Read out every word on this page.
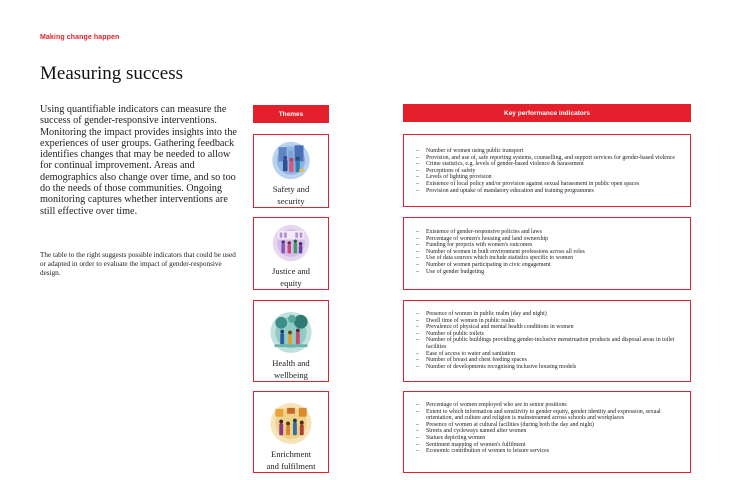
Making change happen
Measuring success

Using quantifiable indicators can measure the success of gender-responsive interventions. Monitoring the impact provides insights into the experiences of user groups. Gathering feedback identifies changes that may be needed to allow for continual improvement. Areas and demographics also change over time, and so too do the needs of those communities. Ongoing monitoring captures whether interventions are still effective over time.

The table to the right suggests possible indicators that could be used or adapted in order to evaluate the impact of gender-responsive design.

Themes	Key performance indicators
Safety and
security
– Number of women using public transport
– Provision, and use of, safe reporting systems, counselling, and support services for gender-based violence
– Crime statistics, e.g. levels of gender-based violence & harassment
– Perceptions of safety
– Levels of lighting provision
– Existence of local policy and/or provision against sexual harassment in public open spaces
– Provision and uptake of mandatory education and training programmes
Justice and
equity
– Existence of gender-responsive policies and laws
– Percentage of women's housing and land ownership
– Funding for projects with women's outcomes
– Number of women in built environment professions across all roles
– Use of data sources which include statistics specific to women
– Number of women participating in civic engagement
– Use of gender budgeting
Health and
wellbeing
– Presence of women in public realm (day and night)
– Dwell time of women in public realm
– Prevalence of physical and mental health conditions in women
– Number of public toilets
– Number of public buildings providing gender-inclusive menstruation products and disposal areas in toilet facilities
– Ease of access to water and sanitation
– Number of breast and chest feeding spaces
– Number of developments recognising inclusive housing models
Enrichment
and fulfilment
– Percentage of women employed who are in senior positions
– Extent to which information and sensitivity to gender equity, gender identity and expression, sexual orientation, and culture and religion is mainstreamed across schools and workplaces
– Presence of women at cultural facilities (during both the day and night)
– Streets and cycleways named after women
– Statues depicting women
– Sentiment mapping of women's fulfilment
– Economic contribution of women to leisure services
